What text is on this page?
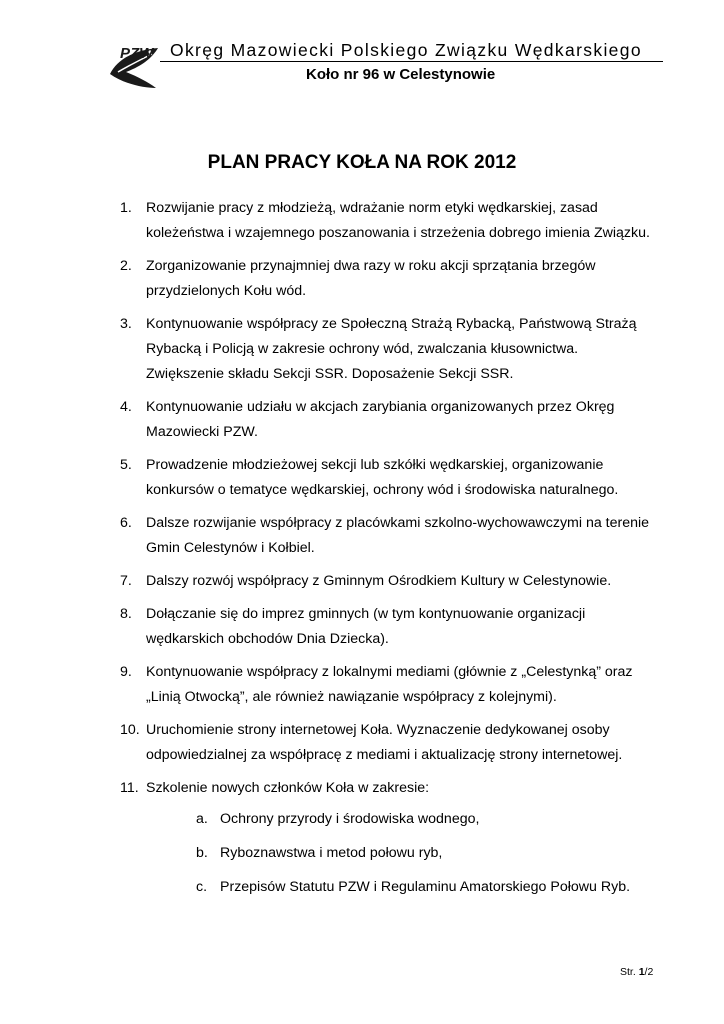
PZW Okręg Mazowiecki Polskiego Związku Wędkarskiego
Koło nr 96 w Celestynowie
PLAN PRACY KOŁA NA ROK 2012
1. Rozwijanie pracy z młodzieżą, wdrażanie norm etyki wędkarskiej, zasad koleżeństwa i wzajemnego poszanowania i strzeżenia dobrego imienia Związku.
2. Zorganizowanie przynajmniej dwa razy w roku akcji sprzątania brzegów przydzielonych Kołu wód.
3. Kontynuowanie współpracy ze Społeczną Strażą Rybacką, Państwową Strażą Rybacką i Policją w zakresie ochrony wód, zwalczania kłusownictwa. Zwiększenie składu Sekcji SSR. Doposażenie Sekcji SSR.
4. Kontynuowanie udziału w akcjach zarybiania organizowanych przez Okręg Mazowiecki PZW.
5. Prowadzenie młodzieżowej sekcji lub szkółki wędkarskiej, organizowanie konkursów o tematyce wędkarskiej, ochrony wód i środowiska naturalnego.
6. Dalsze rozwijanie współpracy z placówkami szkolno-wychowawczymi na terenie Gmin Celestynów i Kołbiel.
7. Dalszy rozwój współpracy z Gminnym Ośrodkiem Kultury w Celestynowie.
8. Dołączanie się do imprez gminnych (w tym kontynuowanie organizacji wędkarskich obchodów Dnia Dziecka).
9. Kontynuowanie współpracy z lokalnymi mediami (głównie z „Celestynką” oraz „Linią Otwocką”, ale również nawiązanie współpracy z kolejnymi).
10. Uruchomienie strony internetowej Koła. Wyznaczenie dedykowanej osoby odpowiedzialnej za współpracę z mediami i aktualizację strony internetowej.
11. Szkolenie nowych członków Koła w zakresie:
a. Ochrony przyrody i środowiska wodnego,
b. Ryboznawstwa i metod połowu ryb,
c. Przepisów Statutu PZW i Regulaminu Amatorskiego Połowu Ryb.
Str. 1/2
